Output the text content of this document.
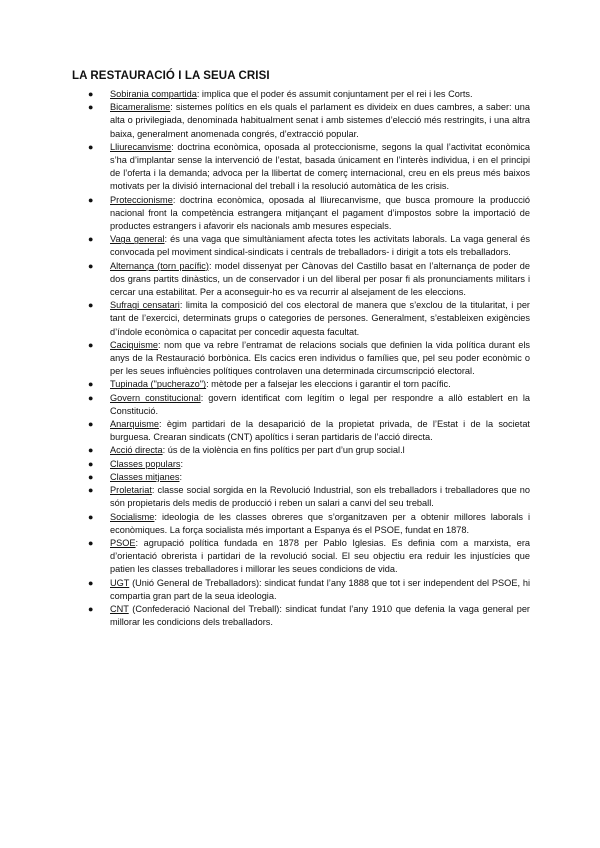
LA RESTAURACIÓ I LA SEUA CRISI
● Sobirania compartida: implica que el poder és assumit conjuntament per el rei i les Corts.
● Bicameralisme: sistemes polítics en els quals el parlament es divideix en dues cambres, a saber: una alta o privilegiada, denominada habitualment senat i amb sistemes d’elecció més restringits, i una altra baixa, generalment anomenada congrés, d’extracció popular.
● Lliurecanvisme: doctrina econòmica, oposada al proteccionisme, segons la qual l’activitat econòmica s’ha d’implantar sense la intervenció de l’estat, basada únicament en l’interès individua, i en el principi de l’oferta i la demanda; advoca per la llibertat de comerç internacional, creu en els preus més baixos motivats per la divisió internacional del treball i la resolució automàtica de les crisis.
● Proteccionisme: doctrina econòmica, oposada al lliurecanvisme, que busca promoure la producció nacional front la competència estrangera mitjançant el pagament d’impostos sobre la importació de productes estrangers i afavorir els nacionals amb mesures especials.
● Vaga general: és una vaga que simultàniament afecta totes les activitats laborals. La vaga general és convocada pel moviment sindical-sindicats i centrals de treballadors- i dirigit a tots els treballadors.
● Alternança (torn pacífic): model dissenyat per Cànovas del Castillo basat en l’alternança de poder de dos grans partits dinàstics, un de conservador i un del liberal per posar fi als pronunciaments militars i cercar una estabilitat. Per a aconseguir-ho es va recurrir al alsejament de les eleccions.
● Sufragi censatari: limita la composició del cos electoral de manera que s’exclou de la titularitat, i per tant de l’exercici, determinats grups o categories de persones. Generalment, s’estableixen exigències d’índole econòmica o capacitat per concedir aquesta facultat.
● Caciquisme: nom que va rebre l’entramat de relacions socials que definien la vida política durant els anys de la Restauració borbònica. Els cacics eren individus o famílies que, pel seu poder econòmic o per les seues influències polítiques controlaven una determinada circumscripció electoral.
● Tupinada ("pucherazo"): mètode per a falsejar les eleccions i garantir el torn pacífic.
● Govern constitucional: govern identificat com legítim o legal per respondre a allò establert en la Constitució.
● Anarquisme: ègim partidari de la desaparició de la propietat privada, de l’Estat i de la societat burguesa. Crearan sindicats (CNT) apolítics i seran partidaris de l’acció directa.
● Acció directa: ús de la violència en fins polítics per part d’un grup social.l
● Classes populars:
● Classes mitjanes:
● Proletariat: classe social sorgida en la Revolució Industrial, son els treballadors i treballadores que no són propietaris dels medis de producció i reben un salari a canvi del seu treball.
● Socialisme: ideologia de les classes obreres que s’organitzaven per a obtenir millores laborals i econòmiques. La força socialista més important a Espanya és el PSOE, fundat en 1878.
● PSOE: agrupació política fundada en 1878 per Pablo Iglesias. Es definia com a marxista, era d’orientació obrerista i partidari de la revolució social. El seu objectiu era reduir les injustícies que patien les classes treballadores i millorar les seues condicions de vida.
● UGT (Unió General de Treballadors): sindicat fundat l’any 1888 que tot i ser independent del PSOE, hi compartia gran part de la seua ideologia.
● CNT (Confederació Nacional del Treball): sindicat fundat l’any 1910 que defenia la vaga general per millorar les condicions dels treballadors.
